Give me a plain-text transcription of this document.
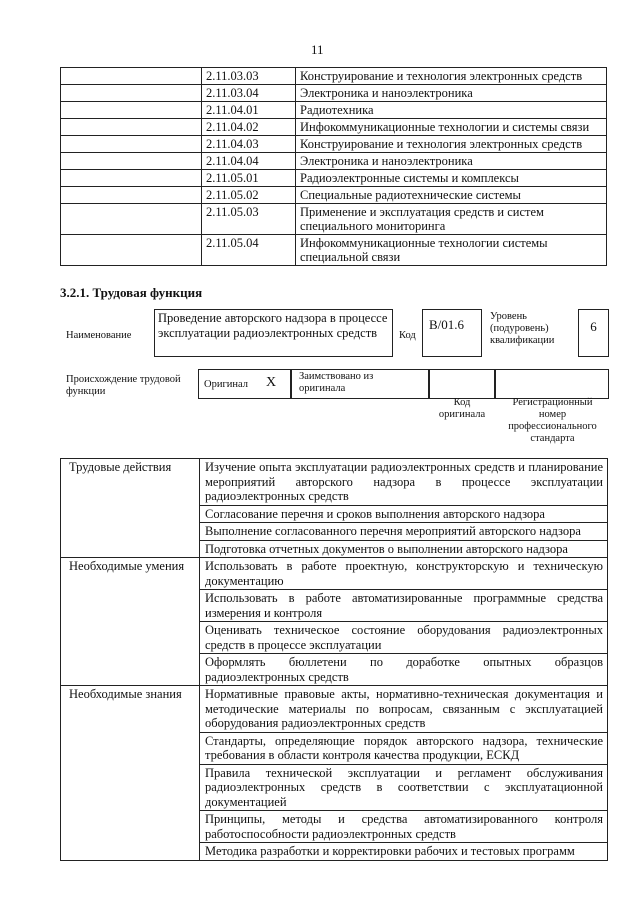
11
	2.11.03.03	Конструирование и технология электронных средств
	2.11.03.04	Электроника и наноэлектроника
	2.11.04.01	Радиотехника
	2.11.04.02	Инфокоммуникационные технологии и системы связи
	2.11.04.03	Конструирование и технология электронных средств
	2.11.04.04	Электроника и наноэлектроника
	2.11.05.01	Радиоэлектронные системы и комплексы
	2.11.05.02	Специальные радиотехнические системы
	2.11.05.03	Применение и эксплуатация средств и систем специального мониторинга
	2.11.05.04	Инфокоммуникационные технологии системы специальной связи
3.2.1. Трудовая функция
Наименование
Проведение авторского надзора в процессе эксплуатации радиоэлектронных средств	Код
B/01.6
Уровень (подуровень) квалификации
6
Происхождение трудовой функции
Оригинал X Заимствовано из оригинала
Код оригинала
Регистрационный номер профессионального стандарта
Трудовые действия	Изучение опыта эксплуатации радиоэлектронных средств и планирование мероприятий авторского надзора в процессе эксплуатации радиоэлектронных средств
	Согласование перечня и сроков выполнения авторского надзора
	Выполнение согласованного перечня мероприятий авторского надзора
	Подготовка отчетных документов о выполнении авторского надзора

Необходимые умения	Использовать в работе проектную, конструкторскую и техническую документацию
	Использовать в работе автоматизированные программные средства измерения и контроля
	Оценивать техническое состояние оборудования радиоэлектронных средств в процессе эксплуатации
	Оформлять бюллетени по доработке опытных образцов радиоэлектронных средств

Необходимые знания	Нормативные правовые акты, нормативно-техническая документация и методические материалы по вопросам, связанным с эксплуатацией оборудования радиоэлектронных средств
	Стандарты, определяющие порядок авторского надзора, технические требования в области контроля качества продукции, ЕСКД
	Правила технической эксплуатации и регламент обслуживания радиоэлектронных средств в соответствии с эксплуатационной документацией
	Принципы, методы и средства автоматизированного контроля работоспособности радиоэлектронных средств
	Методика разработки и корректировки рабочих и тестовых программ
